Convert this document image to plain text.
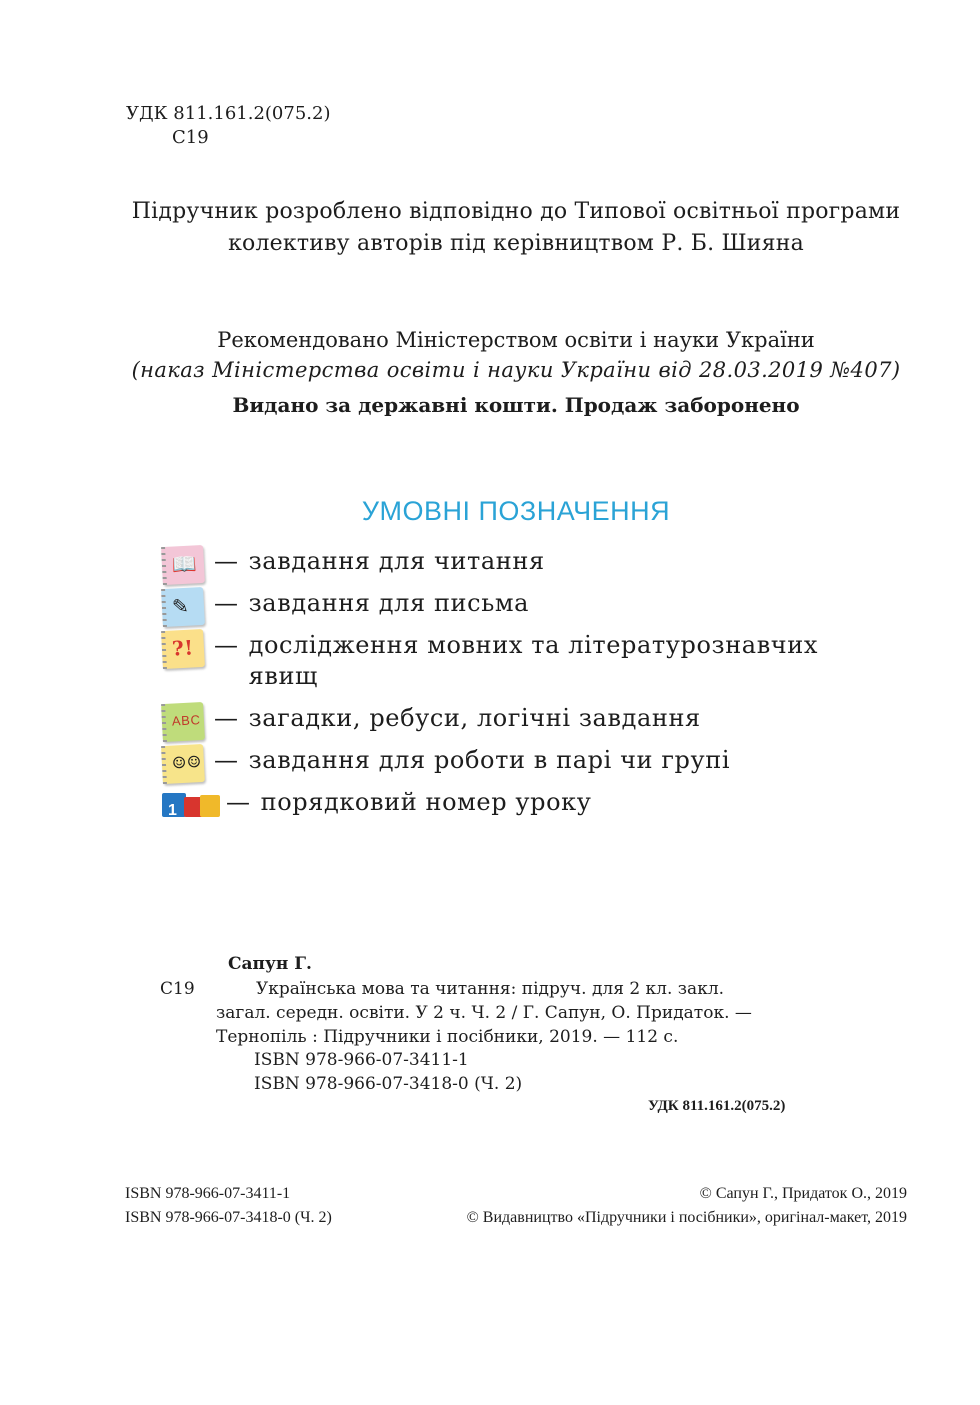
УДК 811.161.2(075.2)
С19
Підручник розроблено відповідно до Типової освітньої програми
колективу авторів під керівництвом Р. Б. Шияна
Рекомендовано Міністерством освіти і науки України
(наказ Міністерства освіти і науки України від 28.03.2019 №407)
Видано за державні кошти. Продаж заборонено
УМОВНІ ПОЗНАЧЕННЯ
📖 — завдання для читання
✎ — завдання для письма
?! — дослідження мовних та літературознавчих явищ
ABC — загадки, ребуси, логічні завдання
☺☺ — завдання для роботи в парі чи групі
1 — порядковий номер уроку
Сапун Г.
С19	Українська мова та читання: підруч. для 2 кл. закл.
загал. середн. освіти. У 2 ч. Ч. 2 / Г. Сапун, О. Придаток. —
Тернопіль : Підручники і посібники, 2019. — 112 с.
ISBN 978-966-07-3411-1
ISBN 978-966-07-3418-0 (Ч. 2)
УДК 811.161.2(075.2)
ISBN 978-966-07-3411-1
ISBN 978-966-07-3418-0 (Ч. 2)
© Сапун Г., Придаток О., 2019
© Видавництво «Підручники і посібники», оригінал-макет, 2019
